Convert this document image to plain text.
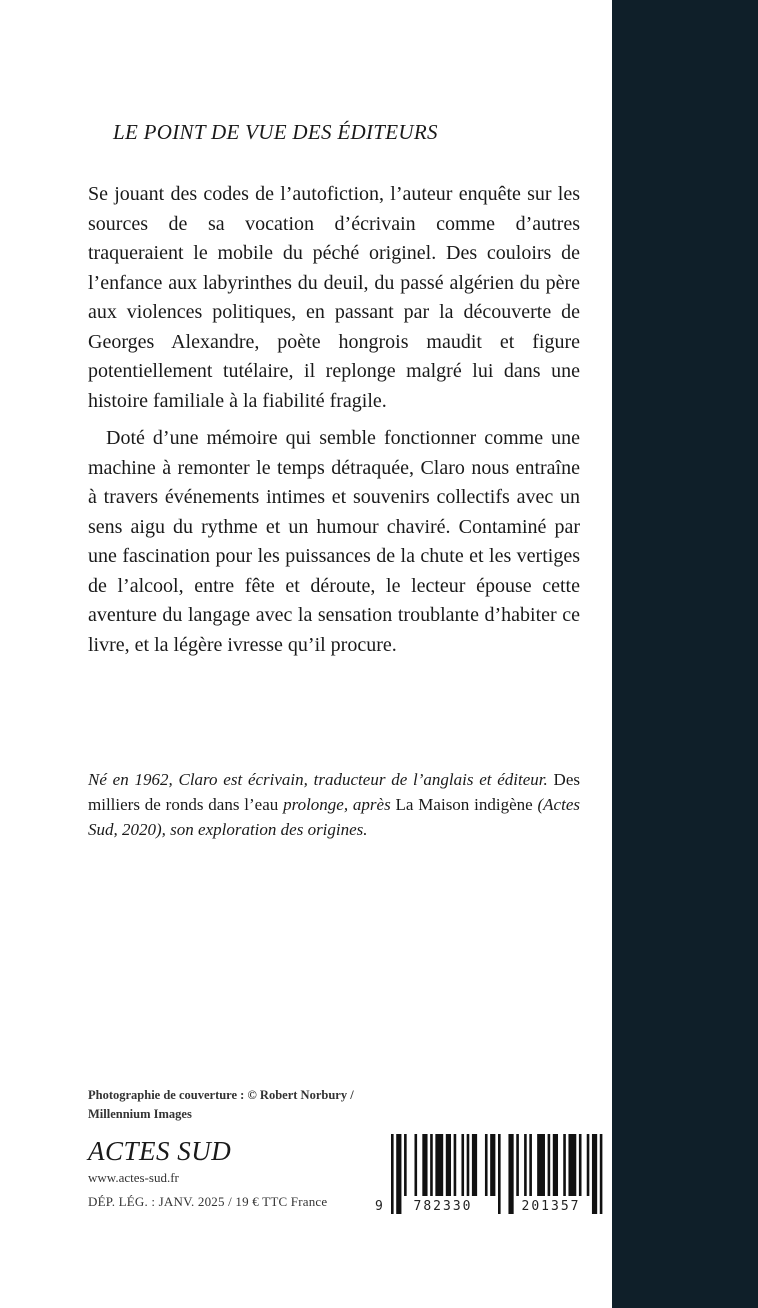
LE POINT DE VUE DES ÉDITEURS

Se jouant des codes de l’autofiction, l’auteur enquête sur les sources de sa vocation d’écrivain comme d’autres traqueraient le mobile du péché originel. Des couloirs de l’enfance aux labyrinthes du deuil, du passé algérien du père aux violences politiques, en passant par la découverte de Georges Alexandre, poète hongrois maudit et figure potentiellement tutélaire, il replonge malgré lui dans une histoire familiale à la fiabilité fragile.

Doté d’une mémoire qui semble fonctionner comme une machine à remonter le temps détraquée, Claro nous entraîne à travers événements intimes et souvenirs collectifs avec un sens aigu du rythme et un humour chaviré. Contaminé par une fascination pour les puissances de la chute et les vertiges de l’alcool, entre fête et déroute, le lecteur épouse cette aventure du langage avec la sensation troublante d’habiter ce livre, et la légère ivresse qu’il procure.

Né en 1962, Claro est écrivain, traducteur de l’anglais et éditeur. Des milliers de ronds dans l’eau prolonge, après La Maison indigène (Actes Sud, 2020), son exploration des origines.
Photographie de couverture : © Robert Norbury /
Millennium Images
ACTES SUD
www.actes-sud.fr
DÉP. LÉG. : JANV. 2025 / 19 € TTC France	9	782330	201357
